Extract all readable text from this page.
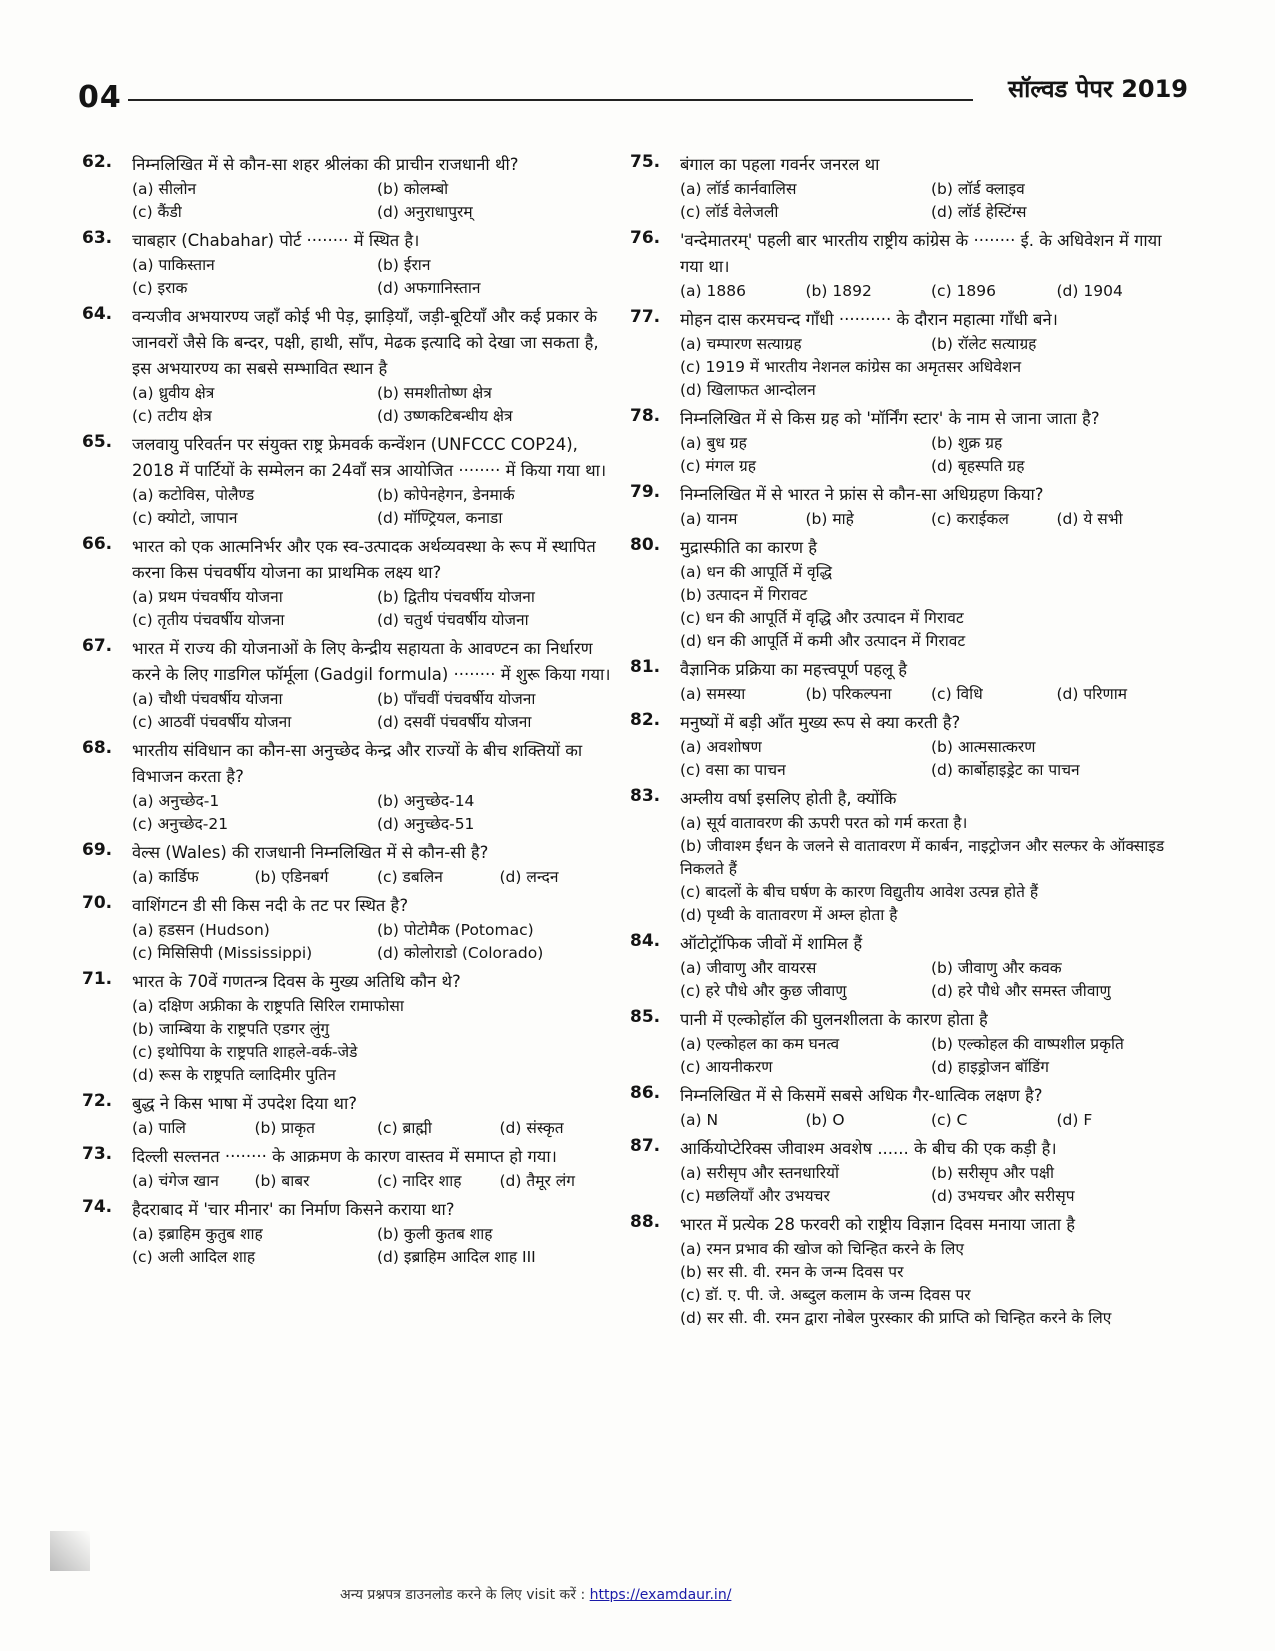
04	सॉल्वड पेपर 2019
62.	निम्नलिखित में से कौन-सा शहर श्रीलंका की प्राचीन राजधानी थी?
(a) सीलोन	(b) कोलम्बो
(c) कैंडी	(d) अनुराधापुरम्
63.	चाबहार (Chabahar) पोर्ट ········ में स्थित है।
(a) पाकिस्तान	(b) ईरान
(c) इराक	(d) अफगानिस्तान
64.	वन्यजीव अभयारण्य जहाँ कोई भी पेड़, झाड़ियाँ, जड़ी-बूटियाँ और कई प्रकार के जानवरों जैसे कि बन्दर, पक्षी, हाथी, साँप, मेढक इत्यादि को देखा जा सकता है, इस अभयारण्य का सबसे सम्भावित स्थान है
(a) ध्रुवीय क्षेत्र	(b) समशीतोष्ण क्षेत्र
(c) तटीय क्षेत्र	(d) उष्णकटिबन्धीय क्षेत्र
65.	जलवायु परिवर्तन पर संयुक्त राष्ट्र फ्रेमवर्क कन्वेंशन (UNFCCC COP24), 2018 में पार्टियों के सम्मेलन का 24वाँ सत्र आयोजित ········ में किया गया था।
(a) कटोविस, पोलैण्ड	(b) कोपेनहेगन, डेनमार्क
(c) क्योटो, जापान	(d) मॉण्ट्रियल, कनाडा
66.	भारत को एक आत्मनिर्भर और एक स्व-उत्पादक अर्थव्यवस्था के रूप में स्थापित करना किस पंचवर्षीय योजना का प्राथमिक लक्ष्य था?
(a) प्रथम पंचवर्षीय योजना	(b) द्वितीय पंचवर्षीय योजना
(c) तृतीय पंचवर्षीय योजना	(d) चतुर्थ पंचवर्षीय योजना
67.	भारत में राज्य की योजनाओं के लिए केन्द्रीय सहायता के आवण्टन का निर्धारण करने के लिए गाडगिल फॉर्मूला (Gadgil formula) ········ में शुरू किया गया।
(a) चौथी पंचवर्षीय योजना	(b) पाँचवीं पंचवर्षीय योजना
(c) आठवीं पंचवर्षीय योजना	(d) दसवीं पंचवर्षीय योजना
68.	भारतीय संविधान का कौन-सा अनुच्छेद केन्द्र और राज्यों के बीच शक्तियों का विभाजन करता है?
(a) अनुच्छेद-1	(b) अनुच्छेद-14
(c) अनुच्छेद-21	(d) अनुच्छेद-51
69.	वेल्स (Wales) की राजधानी निम्नलिखित में से कौन-सी है?
(a) कार्डिफ	(b) एडिनबर्ग	(c) डबलिन	(d) लन्दन
70.	वाशिंगटन डी सी किस नदी के तट पर स्थित है?
(a) हडसन (Hudson)	(b) पोटोमैक (Potomac)
(c) मिसिसिपी (Mississippi)	(d) कोलोराडो (Colorado)
71.	भारत के 70वें गणतन्त्र दिवस के मुख्य अतिथि कौन थे?
(a) दक्षिण अफ्रीका के राष्ट्रपति सिरिल रामाफोसा
(b) जाम्बिया के राष्ट्रपति एडगर लुंगु
(c) इथोपिया के राष्ट्रपति शाहले-वर्क-जेडे
(d) रूस के राष्ट्रपति व्लादिमीर पुतिन
72.	बुद्ध ने किस भाषा में उपदेश दिया था?
(a) पालि	(b) प्राकृत	(c) ब्राह्मी	(d) संस्कृत
73.	दिल्ली सल्तनत ········ के आक्रमण के कारण वास्तव में समाप्त हो गया।
(a) चंगेज खान	(b) बाबर	(c) नादिर शाह	(d) तैमूर लंग
74.	हैदराबाद में 'चार मीनार' का निर्माण किसने कराया था?
(a) इब्राहिम कुतुब शाह	(b) कुली कुतब शाह
(c) अली आदिल शाह	(d) इब्राहिम आदिल शाह III
75.	बंगाल का पहला गवर्नर जनरल था
(a) लॉर्ड कार्नवालिस	(b) लॉर्ड क्लाइव
(c) लॉर्ड वेलेजली	(d) लॉर्ड हेस्टिंग्स
76.	'वन्देमातरम्' पहली बार भारतीय राष्ट्रीय कांग्रेस के ········ ई. के अधिवेशन में गाया गया था।
(a) 1886	(b) 1892	(c) 1896	(d) 1904
77.	मोहन दास करमचन्द गाँधी ·········· के दौरान महात्मा गाँधी बने।
(a) चम्पारण सत्याग्रह	(b) रॉलेट सत्याग्रह
(c) 1919 में भारतीय नेशनल कांग्रेस का अमृतसर अधिवेशन
(d) खिलाफत आन्दोलन
78.	निम्नलिखित में से किस ग्रह को 'मॉर्निंग स्टार' के नाम से जाना जाता है?
(a) बुध ग्रह	(b) शुक्र ग्रह
(c) मंगल ग्रह	(d) बृहस्पति ग्रह
79.	निम्नलिखित में से भारत ने फ्रांस से कौन-सा अधिग्रहण किया?
(a) यानम	(b) माहे	(c) कराईकल	(d) ये सभी
80.	मुद्रास्फीति का कारण है
(a) धन की आपूर्ति में वृद्धि
(b) उत्पादन में गिरावट
(c) धन की आपूर्ति में वृद्धि और उत्पादन में गिरावट
(d) धन की आपूर्ति में कमी और उत्पादन में गिरावट
81.	वैज्ञानिक प्रक्रिया का महत्त्वपूर्ण पहलू है
(a) समस्या	(b) परिकल्पना	(c) विधि	(d) परिणाम
82.	मनुष्यों में बड़ी आँत मुख्य रूप से क्या करती है?
(a) अवशोषण	(b) आत्मसात्करण
(c) वसा का पाचन	(d) कार्बोहाइड्रेट का पाचन
83.	अम्लीय वर्षा इसलिए होती है, क्योंकि
(a) सूर्य वातावरण की ऊपरी परत को गर्म करता है।
(b) जीवाश्म ईंधन के जलने से वातावरण में कार्बन, नाइट्रोजन और सल्फर के ऑक्साइड निकलते हैं
(c) बादलों के बीच घर्षण के कारण विद्युतीय आवेश उत्पन्न होते हैं
(d) पृथ्वी के वातावरण में अम्ल होता है
84.	ऑटोट्रॉफिक जीवों में शामिल हैं
(a) जीवाणु और वायरस	(b) जीवाणु और कवक
(c) हरे पौधे और कुछ जीवाणु	(d) हरे पौधे और समस्त जीवाणु
85.	पानी में एल्कोहॉल की घुलनशीलता के कारण होता है
(a) एल्कोहल का कम घनत्व	(b) एल्कोहल की वाष्पशील प्रकृति
(c) आयनीकरण	(d) हाइड्रोजन बॉडिंग
86.	निम्नलिखित में से किसमें सबसे अधिक गैर-धात्विक लक्षण है?
(a) N	(b) O	(c) C	(d) F
87.	आर्कियोप्टेरिक्स जीवाश्म अवशेष ...... के बीच की एक कड़ी है।
(a) सरीसृप और स्तनधारियों	(b) सरीसृप और पक्षी
(c) मछलियाँ और उभयचर	(d) उभयचर और सरीसृप
88.	भारत में प्रत्येक 28 फरवरी को राष्ट्रीय विज्ञान दिवस मनाया जाता है
(a) रमन प्रभाव की खोज को चिन्हित करने के लिए
(b) सर सी. वी. रमन के जन्म दिवस पर
(c) डॉ. ए. पी. जे. अब्दुल कलाम के जन्म दिवस पर
(d) सर सी. वी. रमन द्वारा नोबेल पुरस्कार की प्राप्ति को चिन्हित करने के लिए
अन्य प्रश्नपत्र डाउनलोड करने के लिए visit करें : https://examdaur.in/
